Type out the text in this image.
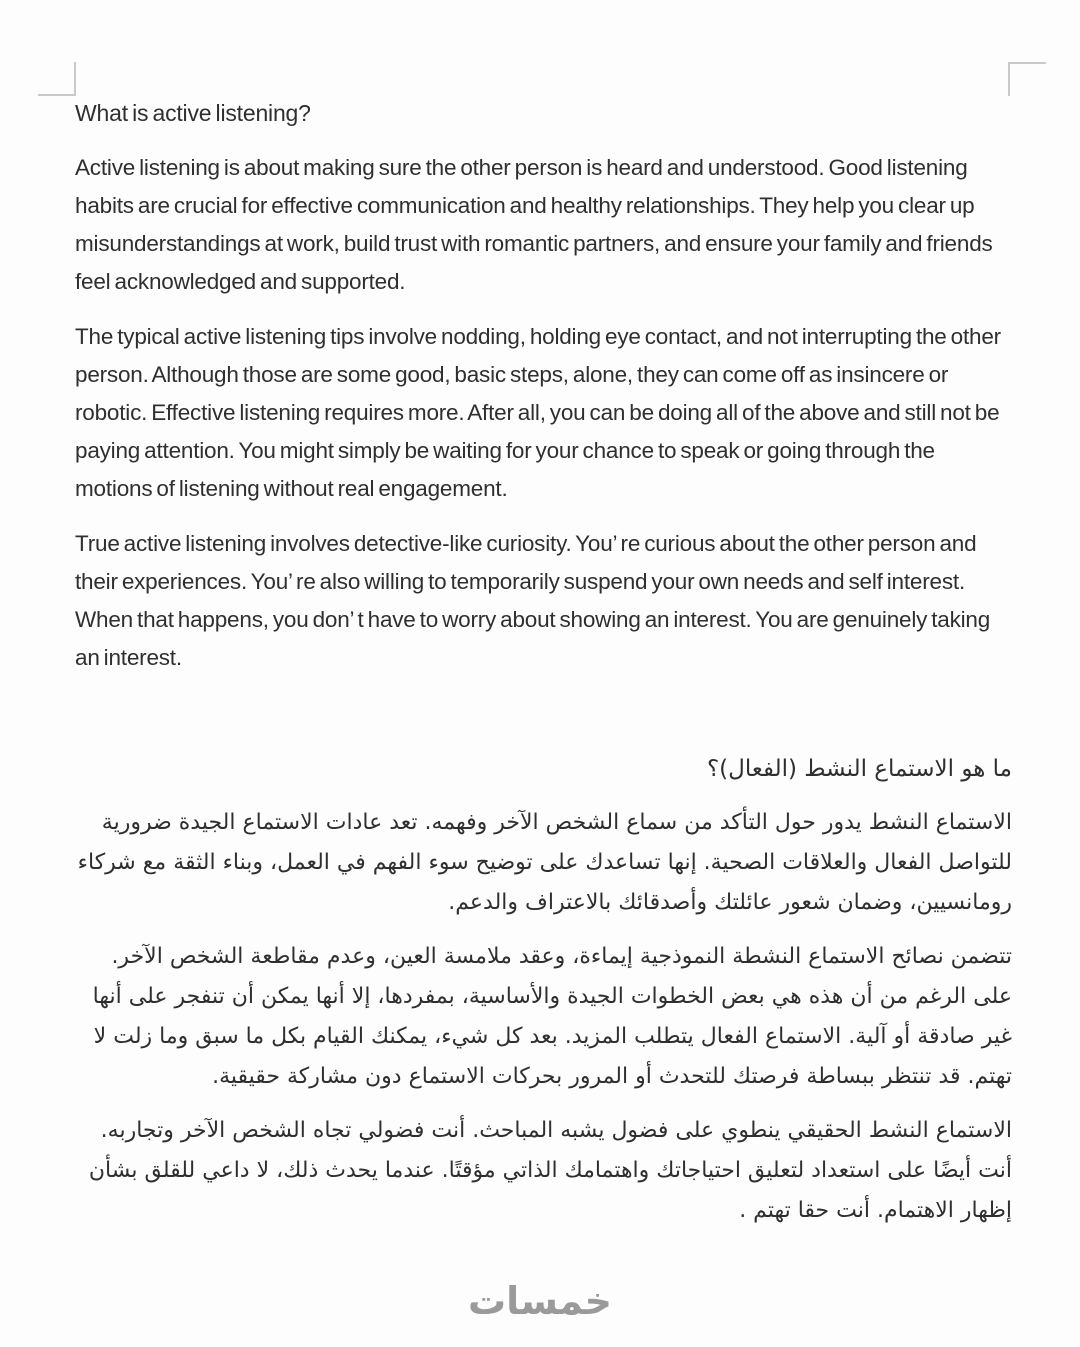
What is active listening?

Active listening is about making sure the other person is heard and understood. Good listening habits are crucial for effective communication and healthy relationships. They help you clear up misunderstandings at work, build trust with romantic partners, and ensure your family and friends feel acknowledged and supported.

The typical active listening tips involve nodding, holding eye contact, and not interrupting the other person. Although those are some good, basic steps, alone, they can come off as insincere or robotic. Effective listening requires more. After all, you can be doing all of the above and still not be paying attention. You might simply be waiting for your chance to speak or going through the motions of listening without real engagement.

True active listening involves detective-like curiosity. You’ re curious about the other person and their experiences. You’ re also willing to temporarily suspend your own needs and self interest. When that happens, you don’ t have to worry about showing an interest. You are genuinely taking an interest.

ما هو الاستماع النشط (الفعال)؟

الاستماع النشط يدور حول التأكد من سماع الشخص الآخر وفهمه. تعد عادات الاستماع الجيدة ضرورية للتواصل الفعال والعلاقات الصحية. إنها تساعدك على توضيح سوء الفهم في العمل، وبناء الثقة مع شركاء رومانسيين، وضمان شعور عائلتك وأصدقائك بالاعتراف والدعم.

تتضمن نصائح الاستماع النشطة النموذجية إيماءة، وعقد ملامسة العين، وعدم مقاطعة الشخص الآخر. على الرغم من أن هذه هي بعض الخطوات الجيدة والأساسية، بمفردها، إلا أنها يمكن أن تنفجر على أنها غير صادقة أو آلية. الاستماع الفعال يتطلب المزيد. بعد كل شيء، يمكنك القيام بكل ما سبق وما زلت لا تهتم. قد تنتظر ببساطة فرصتك للتحدث أو المرور بحركات الاستماع دون مشاركة حقيقية.

الاستماع النشط الحقيقي ينطوي على فضول يشبه المباحث. أنت فضولي تجاه الشخص الآخر وتجاربه. أنت أيضًا على استعداد لتعليق احتياجاتك واهتمامك الذاتي مؤقتًا. عندما يحدث ذلك، لا داعي للقلق بشأن إظهار الاهتمام. أنت حقا تهتم .

خمسات
